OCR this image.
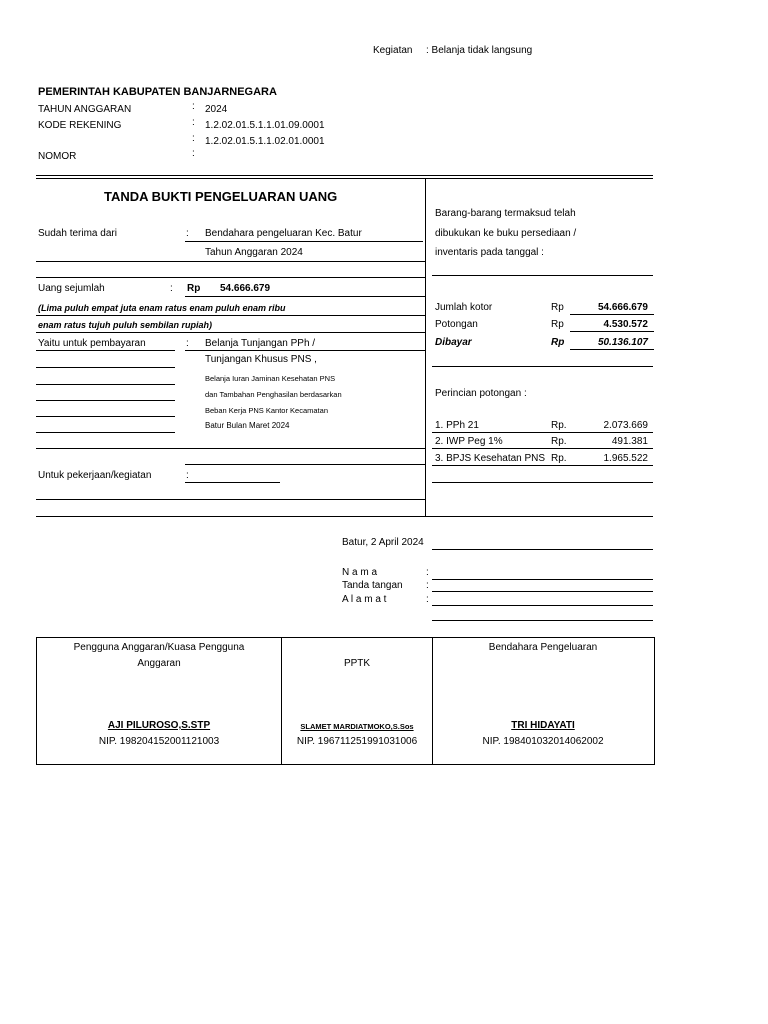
Kegiatan : Belanja tidak langsung
PEMERINTAH KABUPATEN BANJARNEGARA
TAHUN ANGGARAN	: 2024
KODE REKENING	: 1.2.02.01.5.1.1.01.09.0001
: 1.2.02.01.5.1.1.02.01.0001
NOMOR	:
TANDA BUKTI PENGELUARAN UANG
Sudah terima dari	: Bendahara pengeluaran Kec. Batur
Tahun Anggaran 2024
Uang sejumlah	: Rp 54.666.679
(Lima puluh empat juta enam ratus enam puluh enam ribu
enam ratus tujuh puluh sembilan rupiah)
Yaitu untuk pembayaran	: Belanja Tunjangan PPh /
Tunjangan Khusus PNS ,
Belanja Iuran Jaminan Kesehatan PNS
dan Tambahan Penghasilan berdasarkan
Beban Kerja PNS Kantor Kecamatan
Batur Bulan Maret 2024
Untuk pekerjaan/kegiatan	:
Barang-barang termaksud telah
dibukukan ke buku persediaan /
inventaris pada tanggal :
Jumlah kotor	Rp	54.666.679
Potongan	Rp	4.530.572
Dibayar	Rp	50.136.107
Perincian potongan :
1. PPh 21	Rp.	2.073.669
2. IWP Peg 1%	Rp.	491.381
3. BPJS Kesehatan PNS Rp.	1.965.522
Batur, 2 April 2024
N a m a	:
Tanda tangan :
A l a m a t	:
Pengguna Anggaran/Kuasa Pengguna
Anggaran
AJI PILUROSO,S.STP
NIP. 198204152001121003
PPTK
SLAMET MARDIATMOKO,S.Sos
NIP. 196711251991031006
Bendahara Pengeluaran
TRI HIDAYATI
NIP. 198401032014062002
